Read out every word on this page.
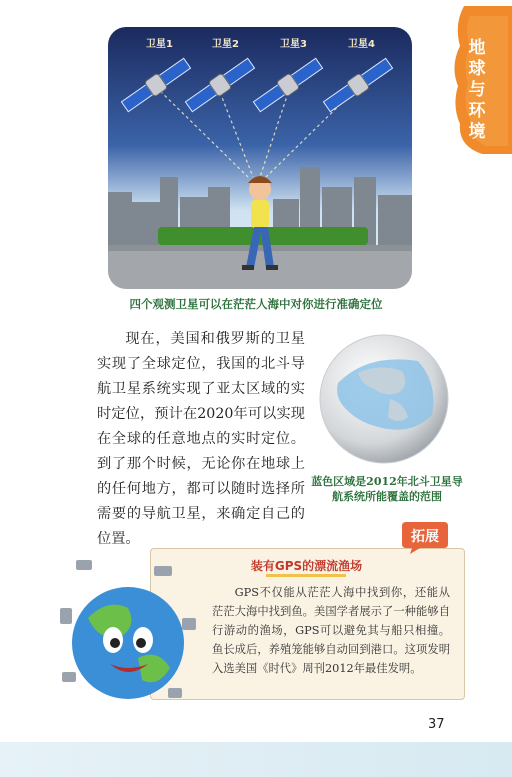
地球与环境
卫星1	卫星2	卫星3	卫星4
四个观测卫星可以在茫茫人海中对你进行准确定位
现在，美国和俄罗斯的卫星实现了全球定位，我国的北斗导航卫星系统实现了亚太区域的实时定位，预计在2020年可以实现在全球的任意地点的实时定位。到了那个时候，无论你在地球上的任何地方，都可以随时选择所需要的导航卫星，来确定自己的位置。
蓝色区域是2012年北斗卫星导航系统所能覆盖的范围
拓展
装有GPS的漂流渔场
GPS不仅能从茫茫人海中找到你，还能从茫茫大海中找到鱼。美国学者展示了一种能够自行游动的渔场，GPS可以避免其与船只相撞。鱼长成后，养殖笼能够自动回到港口。这项发明入选美国《时代》周刊2012年最佳发明。
37
